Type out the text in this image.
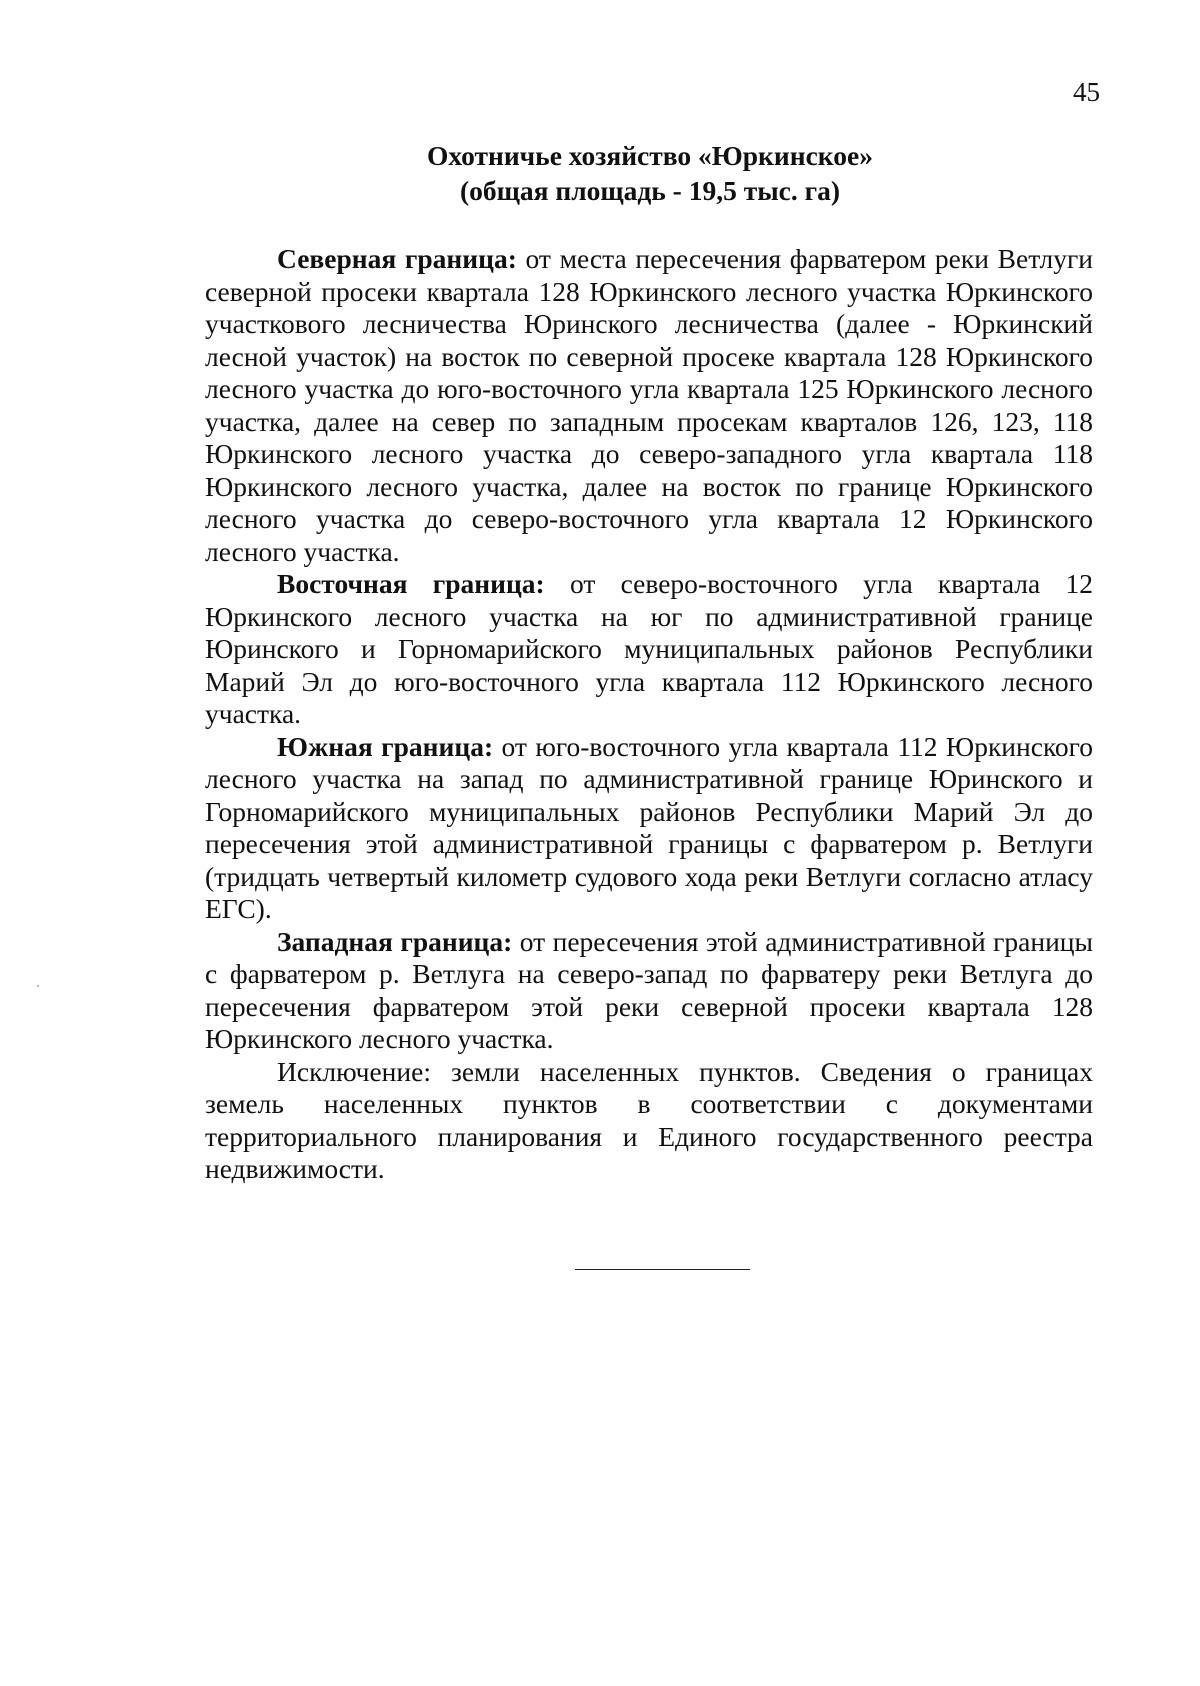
45
Охотничье хозяйство «Юркинское»
(общая площадь - 19,5 тыс. га)

Северная граница: от места пересечения фарватером реки Ветлуги северной просеки квартала 128 Юркинского лесного участка Юркинского участкового лесничества Юринского лесничества (далее - Юркинский лесной участок) на восток по северной просеке квартала 128 Юркинского лесного участка до юго-восточного угла квартала 125 Юркинского лесного участка, далее на север по западным просекам кварталов 126, 123, 118 Юркинского лесного участка до северо-западного угла квартала 118 Юркинского лесного участка, далее на восток по границе Юркинского лесного участка до северо-восточного угла квартала 12 Юркинского лесного участка.

Восточная граница: от северо-восточного угла квартала 12 Юркинского лесного участка на юг по административной границе Юринского и Горномарийского муниципальных районов Республики Марий Эл до юго-восточного угла квартала 112 Юркинского лесного участка.

Южная граница: от юго-восточного угла квартала 112 Юркинского лесного участка на запад по административной границе Юринского и Горномарийского муниципальных районов Республики Марий Эл до пересечения этой административной границы с фарватером р. Ветлуги (тридцать четвертый километр судового хода реки Ветлуги согласно атласу ЕГС).

Западная граница: от пересечения этой административной границы с фарватером р. Ветлуга на северо-запад по фарватеру реки Ветлуга до пересечения фарватером этой реки северной просеки квартала 128 Юркинского лесного участка.

Исключение: земли населенных пунктов. Сведения о границах земель населенных пунктов в соответствии с документами территориального планирования и Единого государственного реестра недвижимости.
